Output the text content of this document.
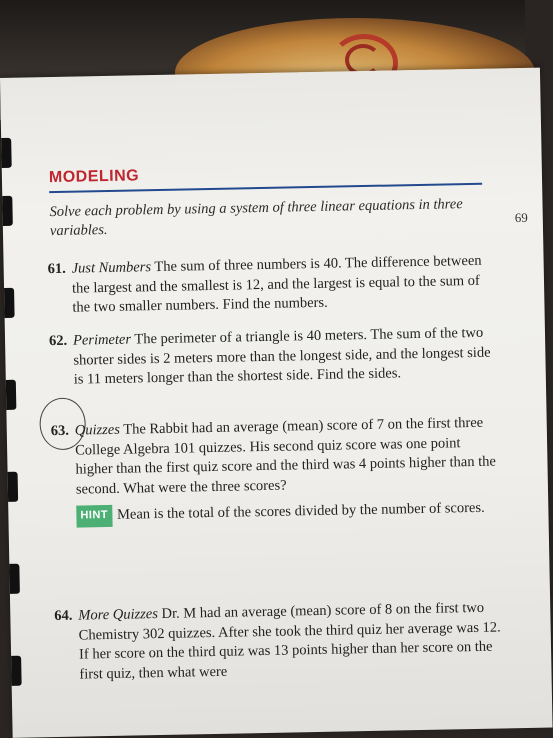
MODELING
Solve each problem by using a system of three linear equations in three variables.
69
61. Just Numbers The sum of three numbers is 40. The difference between the largest and the smallest is 12, and the largest is equal to the sum of the two smaller numbers. Find the numbers.
62. Perimeter The perimeter of a triangle is 40 meters. The sum of the two shorter sides is 2 meters more than the longest side, and the longest side is 11 meters longer than the shortest side. Find the sides.
63. Quizzes The Rabbit had an average (mean) score of 7 on the first three College Algebra 101 quizzes. His second quiz score was one point higher than the first quiz score and the third was 4 points higher than the second. What were the three scores?
HINT Mean is the total of the scores divided by the number of scores.
64. More Quizzes Dr. M had an average (mean) score of 8 on the first two Chemistry 302 quizzes. After she took the third quiz her average was 12. If her score on the third quiz was 13 points higher than her score on the first quiz, then what were
